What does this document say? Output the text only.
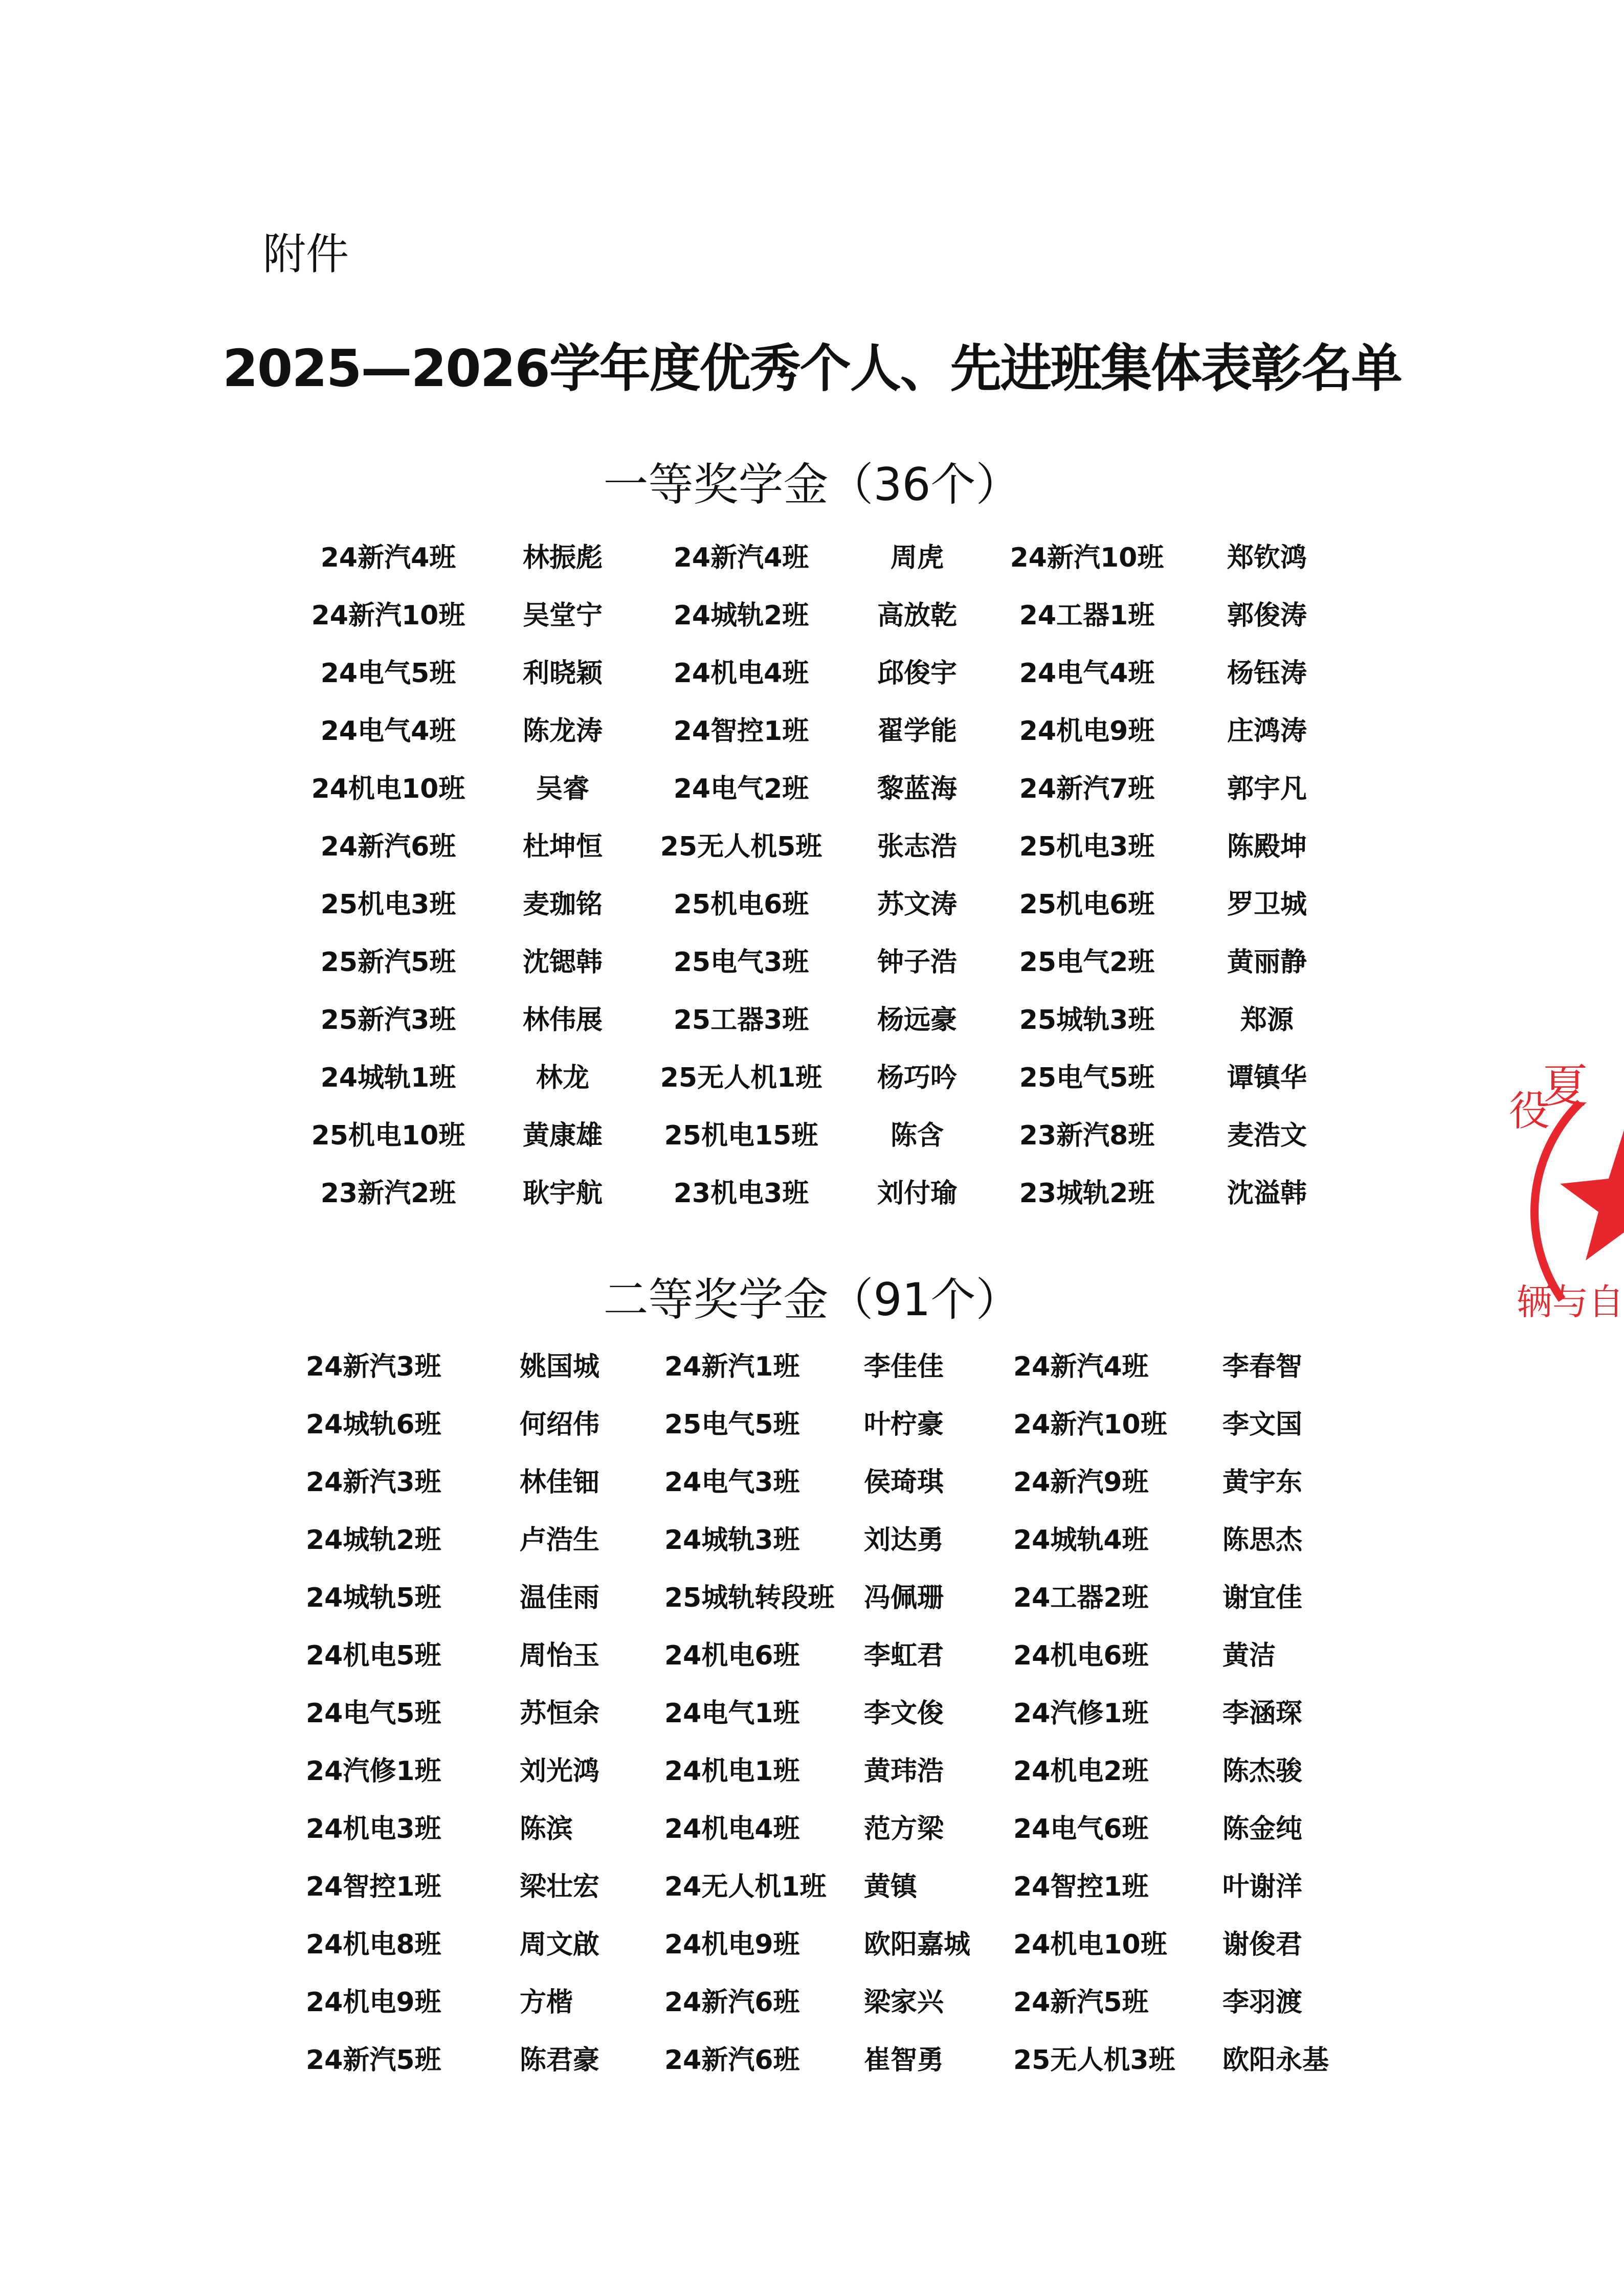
附件
2025—2026学年度优秀个人、先进班集体表彰名单
一等奖学金（36个）
24新汽4班	林振彪	24新汽4班	周虎	24新汽10班	郑钦鸿
24新汽10班	吴堂宁	24城轨2班	高放乾	24工器1班	郭俊涛
24电气5班	利晓颖	24机电4班	邱俊宇	24电气4班	杨钰涛
24电气4班	陈龙涛	24智控1班	翟学能	24机电9班	庄鸿涛
24机电10班	吴睿	24电气2班	黎蓝海	24新汽7班	郭宇凡
24新汽6班	杜坤恒	25无人机5班	张志浩	25机电3班	陈殿坤
25机电3班	麦珈铭	25机电6班	苏文涛	25机电6班	罗卫城
25新汽5班	沈锶韩	25电气3班	钟子浩	25电气2班	黄丽静
25新汽3班	林伟展	25工器3班	杨远豪	25城轨3班	郑源
24城轨1班	林龙	25无人机1班	杨巧吟	25电气5班	谭镇华
25机电10班	黄康雄	25机电15班	陈含	23新汽8班	麦浩文
23新汽2班	耿宇航	23机电3班	刘付瑜	23城轨2班	沈溢韩
二等奖学金（91个）
24新汽3班	姚国城 24新汽1班 李佳佳	24新汽4班	李春智
24城轨6班	何绍伟 25电气5班 叶柠豪	24新汽10班 李文国
24新汽3班	林佳钿 24电气3班 侯琦琪	24新汽9班	黄宇东
24城轨2班	卢浩生 24城轨3班 刘达勇	24城轨4班	陈思杰
24城轨5班	温佳雨 25城轨转段班 冯佩珊	24工器2班	谢宜佳
24机电5班	周怡玉 24机电6班 李虹君	24机电6班	黄洁
24电气5班	苏恒余 24电气1班 李文俊	24汽修1班	李涵琛
24汽修1班	刘光鸿 24机电1班 黄玮浩	24机电2班	陈杰骏
24机电3班	陈滨	24机电4班 范方梁	24电气6班	陈金纯
24智控1班	梁壮宏 24无人机1班 黄镇	24智控1班	叶谢洋
24机电8班	周文啟 24机电9班 欧阳嘉城 24机电10班 谢俊君
24机电9班	方楷	24新汽6班 梁家兴	24新汽5班	李羽渡
24新汽5班	陈君豪 24新汽6班 崔智勇	25无人机3班 欧阳永基
夏
役
辆与自
